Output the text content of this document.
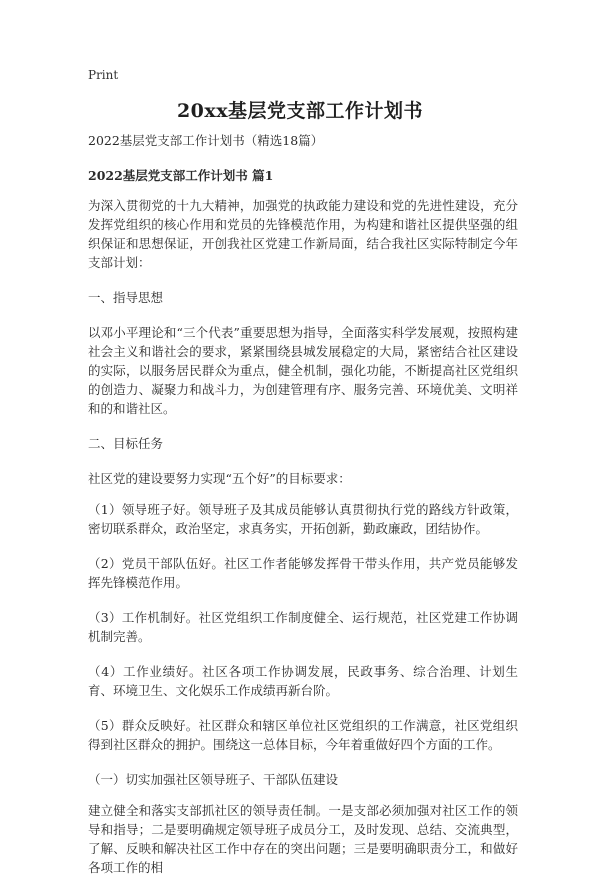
Print
20xx基层党支部工作计划书

2022基层党支部工作计划书（精选18篇）

2022基层党支部工作计划书 篇1

为深入贯彻党的十九大精神，加强党的执政能力建设和党的先进性建设，充分发挥党组织的核心作用和党员的先锋模范作用，为构建和谐社区提供坚强的组织保证和思想保证，开创我社区党建工作新局面，结合我社区实际特制定今年支部计划：

一、指导思想

以邓小平理论和“三个代表”重要思想为指导，全面落实科学发展观，按照构建社会主义和谐社会的要求，紧紧围绕县城发展稳定的大局，紧密结合社区建设的实际，以服务居民群众为重点，健全机制，强化功能，不断提高社区党组织的创造力、凝聚力和战斗力，为创建管理有序、服务完善、环境优美、文明祥和的和谐社区。

二、目标任务

社区党的建设要努力实现“五个好”的目标要求：

（1）领导班子好。领导班子及其成员能够认真贯彻执行党的路线方针政策，密切联系群众，政治坚定，求真务实，开拓创新，勤政廉政，团结协作。

（2）党员干部队伍好。社区工作者能够发挥骨干带头作用，共产党员能够发挥先锋模范作用。

（3）工作机制好。社区党组织工作制度健全、运行规范，社区党建工作协调机制完善。

（4）工作业绩好。社区各项工作协调发展，民政事务、综合治理、计划生育、环境卫生、文化娱乐工作成绩再新台阶。

（5）群众反映好。社区群众和辖区单位社区党组织的工作满意，社区党组织得到社区群众的拥护。围绕这一总体目标，今年着重做好四个方面的工作。

（一）切实加强社区领导班子、干部队伍建设

建立健全和落实支部抓社区的领导责任制。一是支部必须加强对社区工作的领导和指导；二是要明确规定领导班子成员分工，及时发现、总结、交流典型，了解、反映和解决社区工作中存在的突出问题；三是要明确职责分工，和做好各项工作的相
